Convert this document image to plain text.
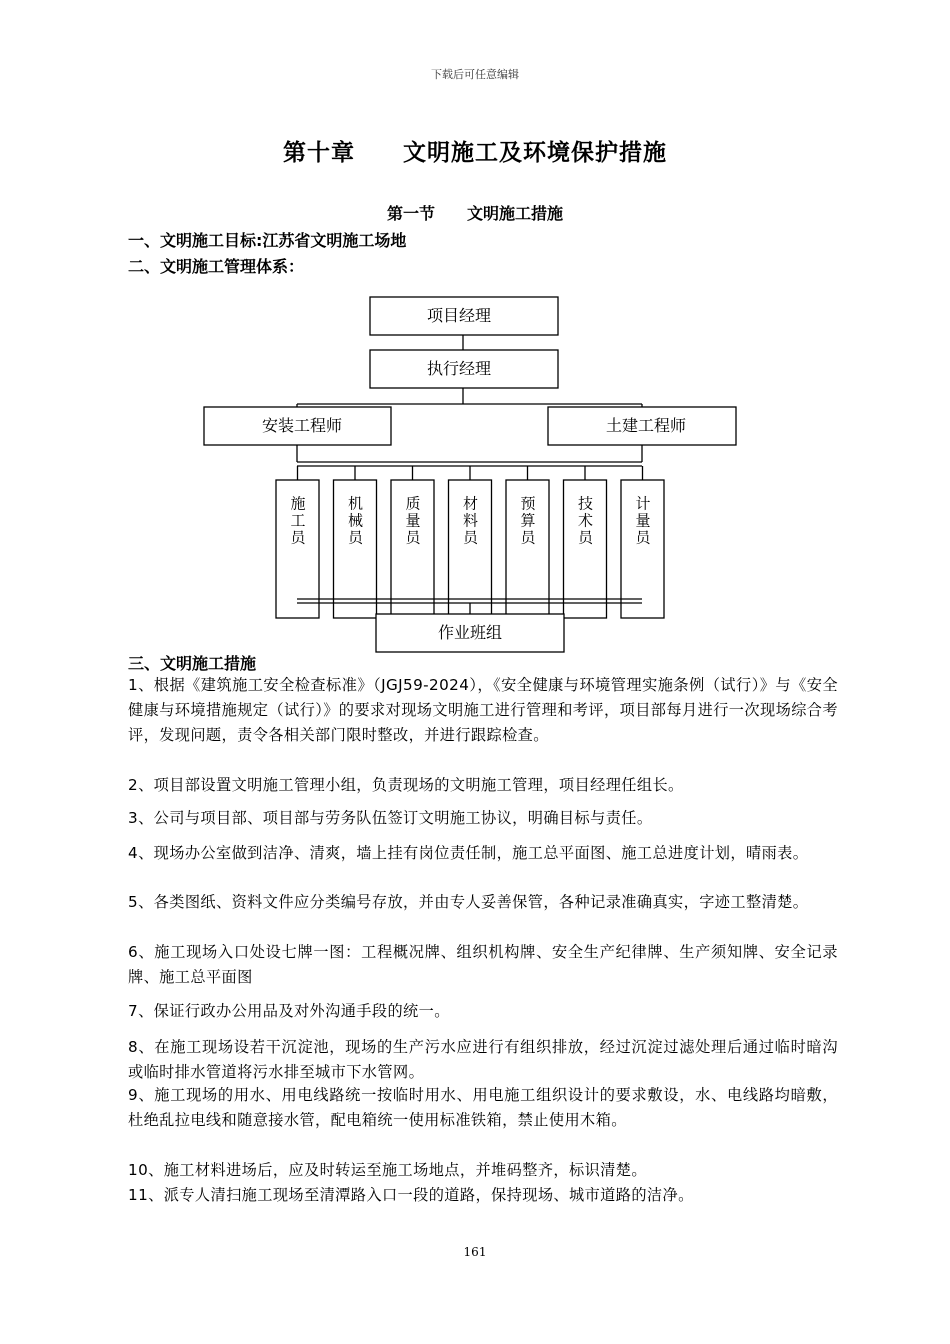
下载后可任意编辑
第十章　　文明施工及环境保护措施
第一节　　文明施工措施
一、文明施工目标:江苏省文明施工场地
二、文明施工管理体系：
项目经理
执行经理
安装工程师	土建工程师
作业班组
施工员	机械员	质量员	材料员	预算员	技术员	计量员
三、文明施工措施
1、根据《建筑施工安全检查标准》（JGJ59-2024），《安全健康与环境管理实施条例（试行）》与《安全健康与环境措施规定（试行）》的要求对现场文明施工进行管理和考评，项目部每月进行一次现场综合考评，发现问题，责令各相关部门限时整改，并进行跟踪检查。
2、项目部设置文明施工管理小组，负责现场的文明施工管理，项目经理任组长。
3、公司与项目部、项目部与劳务队伍签订文明施工协议，明确目标与责任。
4、现场办公室做到洁净、清爽，墙上挂有岗位责任制，施工总平面图、施工总进度计划，晴雨表。
5、各类图纸、资料文件应分类编号存放，并由专人妥善保管，各种记录准确真实，字迹工整清楚。
6、施工现场入口处设七牌一图：工程概况牌、组织机构牌、安全生产纪律牌、生产须知牌、安全记录牌、施工总平面图
7、保证行政办公用品及对外沟通手段的统一。
8、在施工现场设若干沉淀池，现场的生产污水应进行有组织排放，经过沉淀过滤处理后通过临时暗沟或临时排水管道将污水排至城市下水管网。
9、施工现场的用水、用电线路统一按临时用水、用电施工组织设计的要求敷设，水、电线路均暗敷，杜绝乱拉电线和随意接水管，配电箱统一使用标准铁箱，禁止使用木箱。
10、施工材料进场后，应及时转运至施工场地点，并堆码整齐，标识清楚。
11、派专人清扫施工现场至清潭路入口一段的道路，保持现场、城市道路的洁净。
161
